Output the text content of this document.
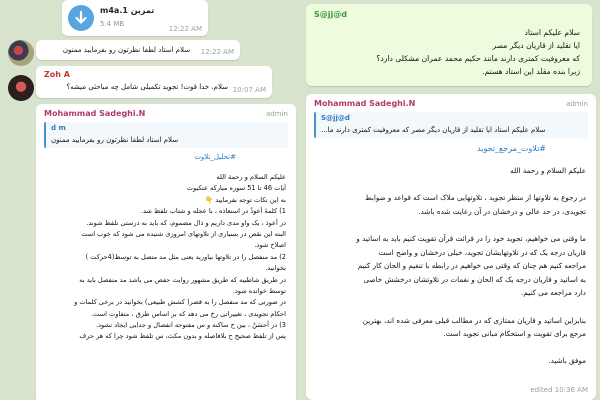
تمرین 1.m4a
5.4 MB
12:22 AM
سلام استاد لطفا نظرتون رو بفرمایید ممنون 12:22 AM
Zoh A
سلام، خدا قوت! تجوید تکمیلی شامل چه مباحثی میشه؟ 10:07 AM
Mohammad Sadeghi.N	admin
d m
سلام استاد لطفا نظرتون رو بفرمایید ممنون
#تحلیل_تلاوت
علیکم السلام و رحمة الله
آیات 46 تا 51 سوره مبارکه عنکبوت
به این نکات توجه بفرمایید 👇
1) کلمهٔ أَعوذُ در استعاذه ، با عجله و شتاب تلفظ شد.
در أعوذ ، یک واو مدی داریم و ذال مضموم، که باید به درستی تلفظ شوند.
البته این نقص در بسیاری از تلاوتهای امروزی شنیده می شود که خوب است
اصلاح شود.
2) مد منفصل را در تلاوتها بیاورید یعنی مثل مد متصل به توسط(4حرکت )
بخوانید.
در طریق شاطبیه که طریق مشهور روایت حفص می باشد مد منفصل باید به
توسط خوانده شود.
در صورتی که مد منفصل را به قصر( کشش طبیعی) بخوانید در برخی کلمات و
احکام تجویدی ، تغییراتی رخ می دهد که بر اساس طرق ، متفاوت است.
3) در أَحسَنُ ، بین ح ساکنه و س مفتوحه انفصال و جدایی ایجاد نشود.
پس از تلفظ صحیح ح بلافاصله و بدون مکث، س تلفظ شود چرا که هر حرف
S@jj@d
سلام علیکم استاد
ایا تقلید از قاریان دیگر مصر
که معروفیت کمتری دارند مانند حکیم محمد عمران مشکلی دارد؟
زیرا بنده مقلد این استاد هستم.
Mohammad Sadeghi.N	admin
S@jj@d
سلام علیکم استاد ایا تقلید از قاریان دیگر مصر که معروفیت کمتری دارند ما...
#تلاوت_مرجع_تجوید
علیکم السلام و رحمة الله
در رجوع به تلاوتها از منظر تجوید ، تلاوتهایی ملاک است که قواعد و ضوابط
تجویدی، در حد عالی و درخشان در آن رعایت شده باشد.
ما وقتی می خواهیم، تجوید خود را در قرائت قرآن تقویت کنیم باید به اساتید و
قاریان درجه یک که در تلاوتهایشان تجوید، خیلی درخشان و واضح است
مراجعه کنیم هم چنان که وقتی می خواهیم در رابطه با تنغیم و الحان کار کنیم
به اساتید و قاریان درجه یک که الحان و نغمات در تلاوتشان درخشش خاصی
دارد مراجعه می کنیم.
بنابراین اساتید و قاریان ممتازی که در مطالب قبلی معرفی شده اند، بهترین
مرجع برای تقویت و استحکام مبانی تجوید است.
موفق باشید.
edited 10:36 AM
